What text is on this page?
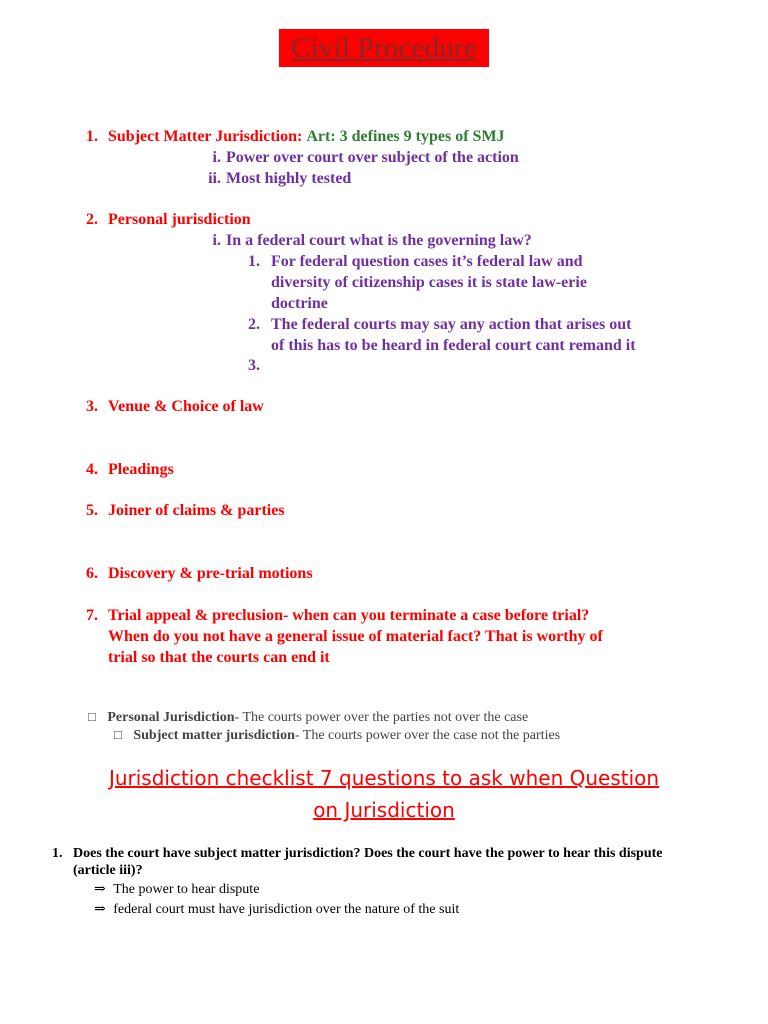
Civil Procedure
1. Subject Matter Jurisdiction: Art: 3 defines 9 types of SMJ
i. Power over court over subject of the action
ii. Most highly tested
2. Personal jurisdiction
i. In a federal court what is the governing law?
1. For federal question cases it’s federal law and
diversity of citizenship cases it is state law-erie
doctrine
2. The federal courts may say any action that arises out
of this has to be heard in federal court cant remand it
3.
3. Venue & Choice of law
4. Pleadings
5. Joiner of claims & parties
6. Discovery & pre-trial motions
7. Trial appeal & preclusion- when can you terminate a case before trial?
When do you not have a general issue of material fact? That is worthy of
trial so that the courts can end it
□ Personal Jurisdiction- The courts power over the parties not over the case
□ Subject matter jurisdiction- The courts power over the case not the parties
Jurisdiction checklist 7 questions to ask when Question
on Jurisdiction
1. Does the court have subject matter jurisdiction? Does the court have the power to hear this dispute
(article iii)?
⇒ The power to hear dispute
⇒ federal court must have jurisdiction over the nature of the suit
